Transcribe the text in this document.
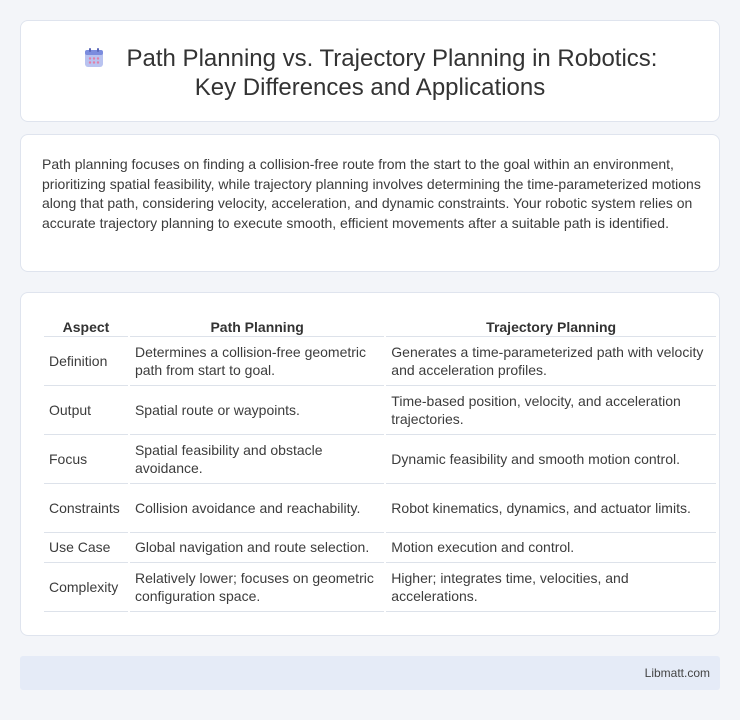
Path Planning vs. Trajectory Planning in Robotics: Key Differences and Applications

Path planning focuses on finding a collision-free route from the start to the goal within an environment, prioritizing spatial feasibility, while trajectory planning involves determining the time-parameterized motions along that path, considering velocity, acceleration, and dynamic constraints. Your robotic system relies on accurate trajectory planning to execute smooth, efficient movements after a suitable path is identified.

Aspect	Path Planning	Trajectory Planning
Definition	Determines a collision-free geometric path from start to goal.	Generates a time-parameterized path with velocity and acceleration profiles.
Output	Spatial route or waypoints.	Time-based position, velocity, and acceleration trajectories.
Focus	Spatial feasibility and obstacle avoidance.	Dynamic feasibility and smooth motion control.
Constraints	Collision avoidance and reachability.	Robot kinematics, dynamics, and actuator limits.
Use Case	Global navigation and route selection.	Motion execution and control.
Complexity	Relatively lower; focuses on geometric configuration space.	Higher; integrates time, velocities, and accelerations.
Libmatt.com
